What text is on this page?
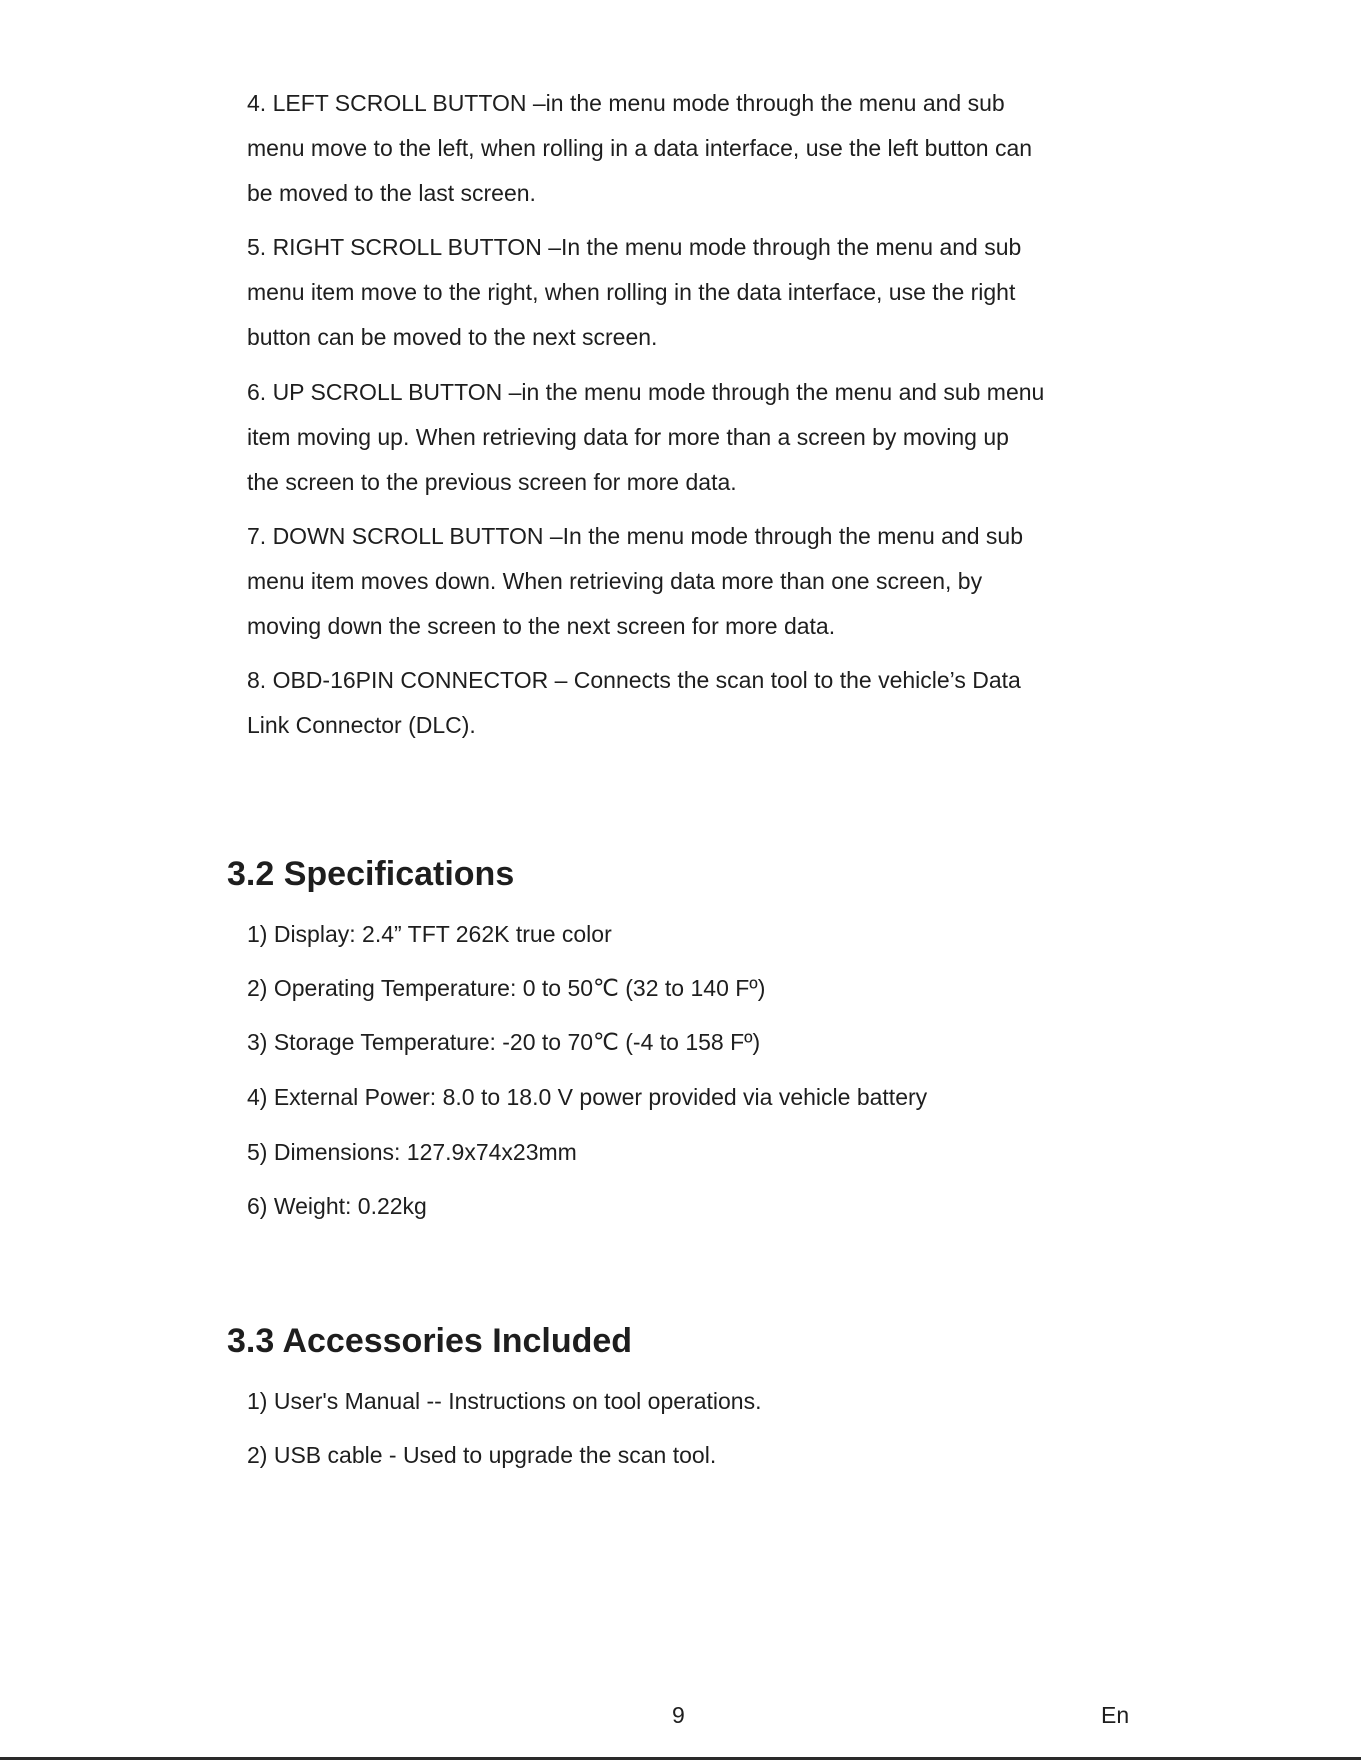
4. LEFT SCROLL BUTTON –in the menu mode through the menu and sub
menu move to the left, when rolling in a data interface, use the left button can
be moved to the last screen.
5. RIGHT SCROLL BUTTON –In the menu mode through the menu and sub
menu item move to the right, when rolling in the data interface, use the right
button can be moved to the next screen.
6. UP SCROLL BUTTON –in the menu mode through the menu and sub menu
item moving up. When retrieving data for more than a screen by moving up
the screen to the previous screen for more data.
7. DOWN SCROLL BUTTON –In the menu mode through the menu and sub
menu item moves down. When retrieving data more than one screen, by
moving down the screen to the next screen for more data.
8. OBD-16PIN CONNECTOR – Connects the scan tool to the vehicle’s Data
Link Connector (DLC).
3.2 Specifications

1) Display: 2.4” TFT 262K true color

2) Operating Temperature: 0 to 50℃ (32 to 140 Fº)

3) Storage Temperature: -20 to 70℃ (-4 to 158 Fº)

4) External Power: 8.0 to 18.0 V power provided via vehicle battery

5) Dimensions: 127.9x74x23mm

6) Weight: 0.22kg

3.3 Accessories Included

1) User's Manual -- Instructions on tool operations.

2) USB cable - Used to upgrade the scan tool.

9	En
